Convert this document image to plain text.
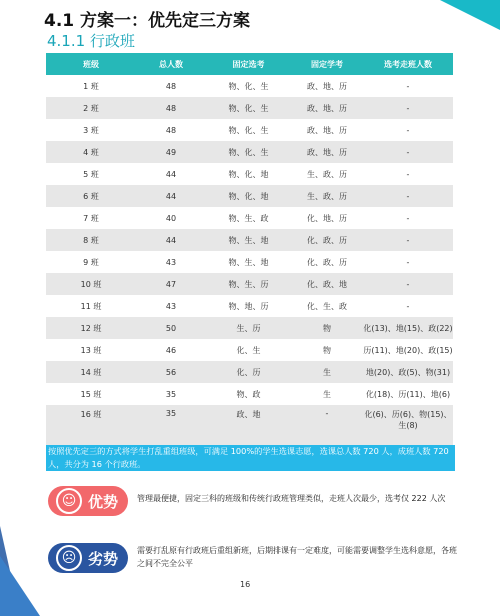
4.1 方案一：优先定三方案
4.1.1 行政班
班级	总人数	固定选考	固定学考	选考走班人数
1 班	48	物、化、生	政、地、历	-
2 班	48	物、化、生	政、地、历	-
3 班	48	物、化、生	政、地、历	-
4 班	49	物、化、生	政、地、历	-
5 班	44	物、化、地	生、政、历	-
6 班	44	物、化、地	生、政、历	-
7 班	40	物、生、政	化、地、历	-
8 班	44	物、生、地	化、政、历	-
9 班	43	物、生、地	化、政、历	-
10 班	47	物、生、历	化、政、地	-
11 班	43	物、地、历	化、生、政	-
12 班	50	生、历	物	化(13)、地(15)、政(22)
13 班	46	化、生	物	历(11)、地(20)、政(15)
14 班	56	化、历	生	地(20)、政(5)、物(31)
15 班	35	物、政	生	化(18)、历(11)、地(6)
16 班	35	政、地	-	化(6)、历(6)、物(15)、生(8)
按照优先定三的方式将学生打乱重组班级，可满足 100%的学生选课志愿，选课总人数 720 人，成班人数 720 人，共分为 16 个行政班。
☺ 优势 管理最便捷，固定三科的班级和传统行政班管理类似，走班人次最少，选考仅 222 人次
☹ 劣势 需要打乱原有行政班后重组新班，后期排课有一定难度，可能需要调整学生选科意愿，各班之间不完全公平
16
